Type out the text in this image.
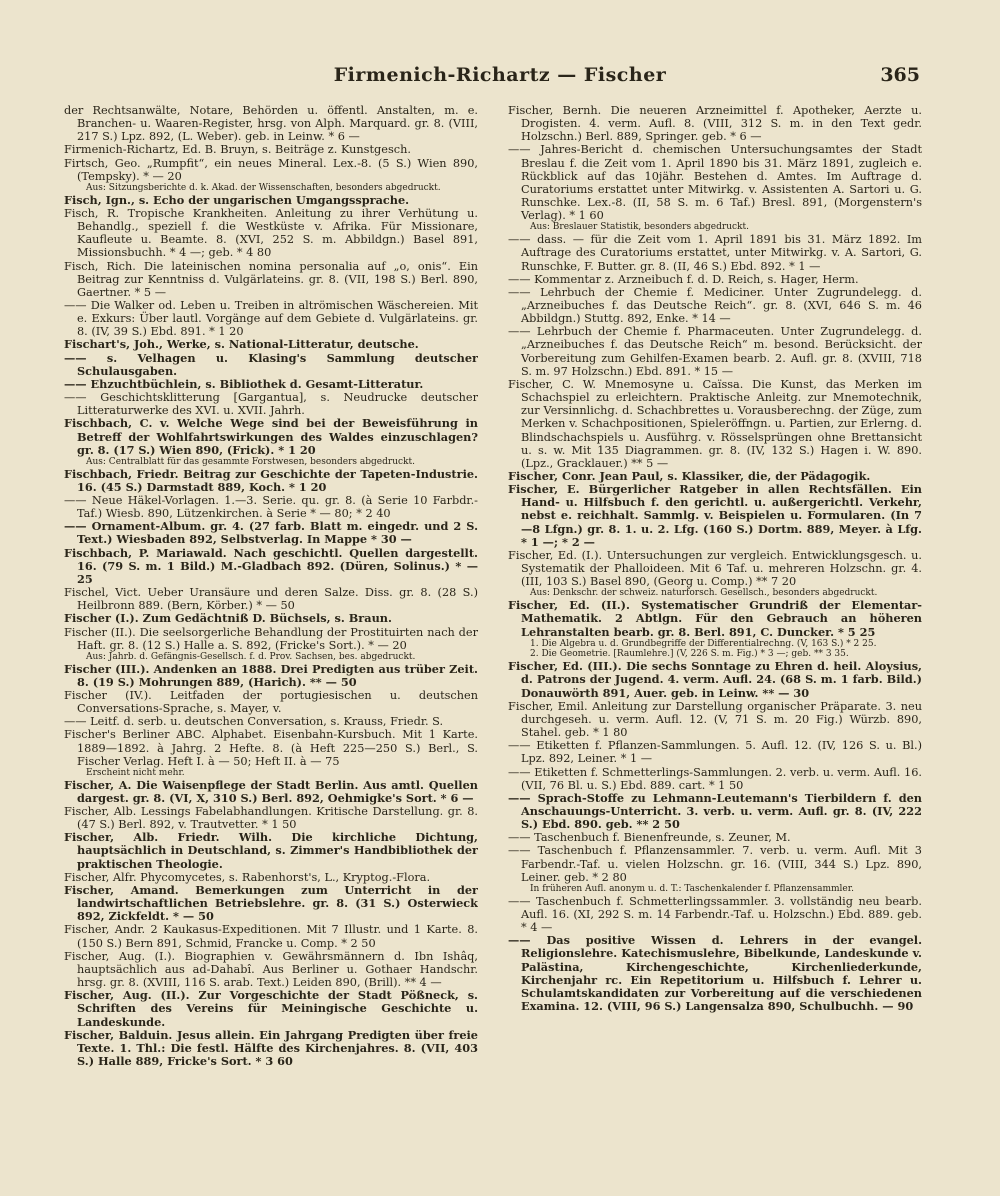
Firmenich-Richartz — Fischer	365

der Rechtsanwälte, Notare, Behörden u. öffentl. Anstalten, m. e. Branchen- u. Waaren-Register, hrsg. von Alph. Marquard. gr. 8. (VIII, 217 S.) Lpz. 892, (L. Weber). geb. in Leinw. * 6 —

Firmenich-Richartz, Ed. B. Bruyn, s. Beiträge z. Kunstgesch.

Firtsch, Geo. „Rumpfit“, ein neues Mineral. Lex.-8. (5 S.) Wien 890, (Tempsky). * — 20

Aus: Sitzungsberichte d. k. Akad. der Wissenschaften, besonders abgedruckt.

Fisch, Ign., s. Echo der ungarischen Umgangssprache.

Fisch, R. Tropische Krankheiten. Anleitung zu ihrer Verhütung u. Behandlg., speziell f. die Westküste v. Afrika. Für Missionare, Kaufleute u. Beamte. 8. (XVI, 252 S. m. Abbildgn.) Basel 891, Missionsbuchh. * 4 —; geb. * 4 80

Fisch, Rich. Die lateinischen nomina personalia auf „o, onis“. Ein Beitrag zur Kenntniss d. Vulgärlateins. gr. 8. (VII, 198 S.) Berl. 890, Gaertner. * 5 —

—— Die Walker od. Leben u. Treiben in altrömischen Wäschereien. Mit e. Exkurs: Über lautl. Vorgänge auf dem Gebiete d. Vulgärlateins. gr. 8. (IV, 39 S.) Ebd. 891. * 1 20

Fischart's, Joh., Werke, s. National-Litteratur, deutsche.

—— s. Velhagen u. Klasing's Sammlung deutscher Schulausgaben.

—— Ehzuchtbüchlein, s. Bibliothek d. Gesamt-Litteratur.

—— Geschichtsklitterung [Gargantua], s. Neudrucke deutscher Litteraturwerke des XVI. u. XVII. Jahrh.

Fischbach, C. v. Welche Wege sind bei der Beweisführung in Betreff der Wohlfahrtswirkungen des Waldes einzuschlagen? gr. 8. (17 S.) Wien 890, (Frick). * 1 20

Aus: Centralblatt für das gesammte Forstwesen, besonders abgedruckt.

Fischbach, Friedr. Beitrag zur Geschichte der Tapeten-Industrie. 16. (45 S.) Darmstadt 889, Koch. * 1 20

—— Neue Häkel-Vorlagen. 1.—3. Serie. qu. gr. 8. (à Serie 10 Farbdr.-Taf.) Wiesb. 890, Lützenkirchen. à Serie * — 80; * 2 40

—— Ornament-Album. gr. 4. (27 farb. Blatt m. eingedr. und 2 S. Text.) Wiesbaden 892, Selbstverlag. In Mappe * 30 —

Fischbach, P. Mariawald. Nach geschichtl. Quellen dargestellt. 16. (79 S. m. 1 Bild.) M.-Gladbach 892. (Düren, Solinus.) * — 25

Fischel, Vict. Ueber Uransäure und deren Salze. Diss. gr. 8. (28 S.) Heilbronn 889. (Bern, Körber.) * — 50

Fischer (I.). Zum Gedächtniß D. Büchsels, s. Braun.

Fischer (II.). Die seelsorgerliche Behandlung der Prostituirten nach der Haft. gr. 8. (12 S.) Halle a. S. 892, (Fricke's Sort.). * — 20

Aus: Jahrb. d. Gefängnis-Gesellsch. f. d. Prov. Sachsen, bes. abgedruckt.

Fischer (III.). Andenken an 1888. Drei Predigten aus trüber Zeit. 8. (19 S.) Mohrungen 889, (Harich). ** — 50

Fischer (IV.). Leitfaden der portugiesischen u. deutschen Conversations-Sprache, s. Mayer, v.

—— Leitf. d. serb. u. deutschen Conversation, s. Krauss, Friedr. S.

Fischer's Berliner ABC. Alphabet. Eisenbahn-Kursbuch. Mit 1 Karte. 1889—1892. à Jahrg. 2 Hefte. 8. (à Heft 225—250 S.) Berl., S. Fischer Verlag. Heft I. à — 50; Heft II. à — 75

Erscheint nicht mehr.

Fischer, A. Die Waisenpflege der Stadt Berlin. Aus amtl. Quellen dargest. gr. 8. (VI, X, 310 S.) Berl. 892, Oehmigke's Sort. * 6 —

Fischer, Alb. Lessings Fabelabhandlungen. Kritische Darstellung. gr. 8. (47 S.) Berl. 892, v. Trautvetter. * 1 50

Fischer, Alb. Friedr. Wilh. Die kirchliche Dichtung, hauptsächlich in Deutschland, s. Zimmer's Handbibliothek der praktischen Theologie.

Fischer, Alfr. Phycomycetes, s. Rabenhorst's, L., Kryptog.-Flora.

Fischer, Amand. Bemerkungen zum Unterricht in der landwirtschaftlichen Betriebslehre. gr. 8. (31 S.) Osterwieck 892, Zickfeldt. * — 50

Fischer, Andr. 2 Kaukasus-Expeditionen. Mit 7 Illustr. und 1 Karte. 8. (150 S.) Bern 891, Schmid, Francke u. Comp. * 2 50

Fischer, Aug. (I.). Biographien v. Gewährsmännern d. Ibn Ishâq, hauptsächlich aus ad-Dahabî. Aus Berliner u. Gothaer Handschr. hrsg. gr. 8. (XVIII, 116 S. arab. Text.) Leiden 890, (Brill). ** 4 —

Fischer, Aug. (II.). Zur Vorgeschichte der Stadt Pößneck, s. Schriften des Vereins für Meiningische Geschichte u. Landeskunde.

Fischer, Balduin. Jesus allein. Ein Jahrgang Predigten über freie Texte. 1. Thl.: Die festl. Hälfte des Kirchenjahres. 8. (VII, 403 S.) Halle 889, Fricke's Sort. * 3 60

Fischer, Bernh. Die neueren Arzneimittel f. Apotheker, Aerzte u. Drogisten. 4. verm. Aufl. 8. (VIII, 312 S. m. in den Text gedr. Holzschn.) Berl. 889, Springer. geb. * 6 —

—— Jahres-Bericht d. chemischen Untersuchungsamtes der Stadt Breslau f. die Zeit vom 1. April 1890 bis 31. März 1891, zugleich e. Rückblick auf das 10jähr. Bestehen d. Amtes. Im Auftrage d. Curatoriums erstattet unter Mitwirkg. v. Assistenten A. Sartori u. G. Runschke. Lex.-8. (II, 58 S. m. 6 Taf.) Bresl. 891, (Morgenstern's Verlag). * 1 60

Aus: Breslauer Statistik, besonders abgedruckt.

—— dass. — für die Zeit vom 1. April 1891 bis 31. März 1892. Im Auftrage des Curatoriums erstattet, unter Mitwirkg. v. A. Sartori, G. Runschke, F. Butter. gr. 8. (II, 46 S.) Ebd. 892. * 1 —

—— Kommentar z. Arzneibuch f. d. D. Reich, s. Hager, Herm.

—— Lehrbuch der Chemie f. Mediciner. Unter Zugrundelegg. d. „Arzneibuches f. das Deutsche Reich“. gr. 8. (XVI, 646 S. m. 46 Abbildgn.) Stuttg. 892, Enke. * 14 —

—— Lehrbuch der Chemie f. Pharmaceuten. Unter Zugrundelegg. d. „Arzneibuches f. das Deutsche Reich“ m. besond. Berücksicht. der Vorbereitung zum Gehilfen-Examen bearb. 2. Aufl. gr. 8. (XVIII, 718 S. m. 97 Holzschn.) Ebd. 891. * 15 —

Fischer, C. W. Mnemosyne u. Caïssa. Die Kunst, das Merken im Schachspiel zu erleichtern. Praktische Anleitg. zur Mnemotechnik, zur Versinnlichg. d. Schachbrettes u. Vorausberechng. der Züge, zum Merken v. Schachpositionen, Spieleröffngn. u. Partien, zur Erlerng. d. Blindschachspiels u. Ausführg. v. Rösselsprüngen ohne Brettansicht u. s. w. Mit 135 Diagrammen. gr. 8. (IV, 132 S.) Hagen i. W. 890. (Lpz., Gracklauer.) ** 5 —

Fischer, Conr. Jean Paul, s. Klassiker, die, der Pädagogik.

Fischer, E. Bürgerlicher Ratgeber in allen Rechtsfällen. Ein Hand- u. Hilfsbuch f. den gerichtl. u. außergerichtl. Verkehr, nebst e. reichhalt. Sammlg. v. Beispielen u. Formularen. (In 7—8 Lfgn.) gr. 8. 1. u. 2. Lfg. (160 S.) Dortm. 889, Meyer. à Lfg. * 1 —; * 2 —

Fischer, Ed. (I.). Untersuchungen zur vergleich. Entwicklungsgesch. u. Systematik der Phalloideen. Mit 6 Taf. u. mehreren Holzschn. gr. 4. (III, 103 S.) Basel 890, (Georg u. Comp.) ** 7 20

Aus: Denkschr. der schweiz. naturforsch. Gesellsch., besonders abgedruckt.

Fischer, Ed. (II.). Systematischer Grundriß der Elementar-Mathematik. 2 Abtlgn. Für den Gebrauch an höheren Lehranstalten bearb. gr. 8. Berl. 891, C. Duncker. * 5 25

1. Die Algebra u. d. Grundbegriffe der Differentialrechng. (V, 163 S.) * 2 25.

2. Die Geometrie. [Raumlehre.] (V, 226 S. m. Fig.) * 3 —; geb. ** 3 35.

Fischer, Ed. (III.). Die sechs Sonntage zu Ehren d. heil. Aloysius, d. Patrons der Jugend. 4. verm. Aufl. 24. (68 S. m. 1 farb. Bild.) Donauwörth 891, Auer. geb. in Leinw. ** — 30

Fischer, Emil. Anleitung zur Darstellung organischer Präparate. 3. neu durchgeseh. u. verm. Aufl. 12. (V, 71 S. m. 20 Fig.) Würzb. 890, Stahel. geb. * 1 80

—— Etiketten f. Pflanzen-Sammlungen. 5. Aufl. 12. (IV, 126 S. u. Bl.) Lpz. 892, Leiner. * 1 —

—— Etiketten f. Schmetterlings-Sammlungen. 2. verb. u. verm. Aufl. 16. (VII, 76 Bl. u. S.) Ebd. 889. cart. * 1 50

—— Sprach-Stoffe zu Lehmann-Leutemann's Tierbildern f. den Anschauungs-Unterricht. 3. verb. u. verm. Aufl. gr. 8. (IV, 222 S.) Ebd. 890. geb. ** 2 50

—— Taschenbuch f. Bienenfreunde, s. Zeuner, M.

—— Taschenbuch f. Pflanzensammler. 7. verb. u. verm. Aufl. Mit 3 Farbendr.-Taf. u. vielen Holzschn. gr. 16. (VIII, 344 S.) Lpz. 890, Leiner. geb. * 2 80

In früheren Aufl. anonym u. d. T.: Taschenkalender f. Pflanzensammler.

—— Taschenbuch f. Schmetterlingssammler. 3. vollständig neu bearb. Aufl. 16. (XI, 292 S. m. 14 Farbendr.-Taf. u. Holzschn.) Ebd. 889. geb. * 4 —

—— Das positive Wissen d. Lehrers in der evangel. Religionslehre. Katechismuslehre, Bibelkunde, Landeskunde v. Palästina, Kirchengeschichte, Kirchenliederkunde, Kirchenjahr rc. Ein Repetitorium u. Hilfsbuch f. Lehrer u. Schulamtskandidaten zur Vorbereitung auf die verschiedenen Examina. 12. (VIII, 96 S.) Langensalza 890, Schulbuchh. — 90
